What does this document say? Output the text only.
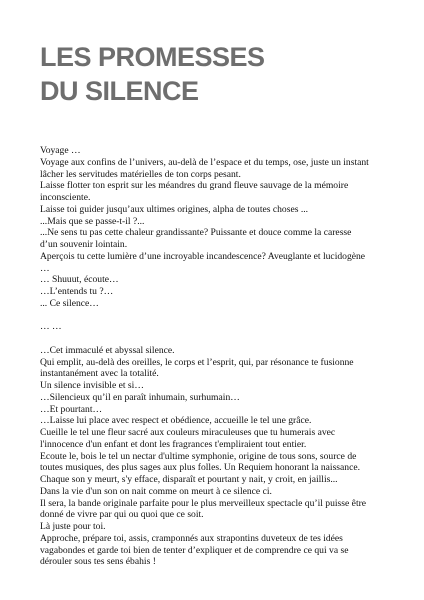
LES PROMESSES
DU SILENCE
Voyage …
Voyage aux confins de l’univers, au-delà de l’espace et du temps, ose, juste un instant
lâcher les servitudes matérielles de ton corps pesant.
Laisse flotter ton esprit sur les méandres du grand fleuve sauvage de la mémoire
inconsciente.
Laisse toi guider jusqu’aux ultimes origines, alpha de toutes choses ...
...Mais que se passe-t-il ?...
...Ne sens tu pas cette chaleur grandissante? Puissante et douce comme la caresse
d’un souvenir lointain.
Aperçois tu cette lumière d’une incroyable incandescence? Aveuglante et lucidogène
…
… Shuuut, écoute…
…L’entends tu ?…
... Ce silence…
… …
…Cet immaculé et abyssal silence.
Qui emplit, au-delà des oreilles, le corps et l’esprit, qui, par résonance te fusionne
instantanément avec la totalité.
Un silence invisible et si…
…Silencieux qu’il en paraît inhumain, surhumain…
…Et pourtant…
…Laisse lui place avec respect et obédience, accueille le tel une grâce.
Cueille le tel une fleur sacré aux couleurs miraculeuses que tu humerais avec
l'innocence d'un enfant et dont les fragrances t'empliraient tout entier.
Ecoute le, bois le tel un nectar d'ultime symphonie, origine de tous sons, source de
toutes musiques, des plus sages aux plus folles. Un Requiem honorant la naissance.
Chaque son y meurt, s'y efface, disparaît et pourtant y nait, y croit, en jaillis...
Dans la vie d'un son on nait comme on meurt à ce silence ci.
Il sera, la bande originale parfaite pour le plus merveilleux spectacle qu’il puisse être
donné de vivre par qui ou quoi que ce soit.
Là juste pour toi.
Approche, prépare toi, assis, cramponnés aux strapontins duveteux de tes idées
vagabondes et garde toi bien de tenter d’expliquer et de comprendre ce qui va se
dérouler sous tes sens ébahis !
